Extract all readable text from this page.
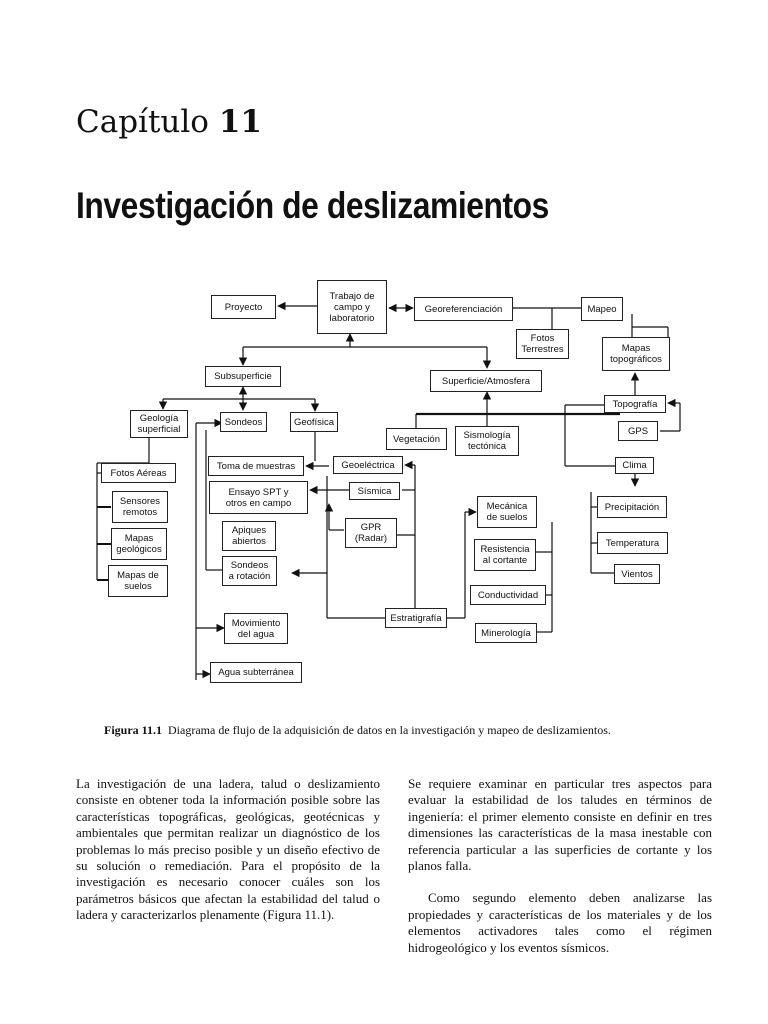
Capítulo 11
Investigación de deslizamientos
Trabajo de
campo y
laboratorio
Proyecto	Georeferenciación	Mapeo
Fotos
Terrestres	Mapas
topográficos
Subsuperficie	Superficie/Atmosfera
Geología
superficial
Sondeos	Geofísica
Vegetación	Sismología
tectónica
Topografía
GPS
Clima
Fotos Aéreas
Sensores
remotos
Mapas
geológicos
Mapas de
suelos
Toma de muestras
Ensayo SPT y
otros en campo
Apiques
abiertos
Sondeos
a rotación
Geoeléctrica
Sísmica
GPR
(Radar)
Mecánica
de suelos
Resistencia
al cortante
Conductividad
Minerología
Estratigrafía
Movimiento
del agua
Agua subterránea
Precipitación
Temperatura
Vientos
Figura 11.1 Diagrama de flujo de la adquisición de datos en la investigación y mapeo de deslizamientos.

La investigación de una ladera, talud o deslizamiento consiste en obtener toda la información posible sobre las características topográficas, geológicas, geotécnicas y ambientales que permitan realizar un diagnóstico de los problemas lo más preciso posible y un diseño efectivo de su solución o remediación. Para el propósito de la investigación es necesario conocer cuáles son los parámetros básicos que afectan la estabilidad del talud o ladera y caracterizarlos plenamente (Figura 11.1).

Se requiere examinar en particular tres aspectos para evaluar la estabilidad de los taludes en términos de ingeniería: el primer elemento consiste en definir en tres dimensiones las características de la masa inestable con referencia particular a las superficies de cortante y los planos falla.

Como segundo elemento deben analizarse las propiedades y características de los materiales y de los elementos activadores tales como el régimen hidrogeológico y los eventos sísmicos.
